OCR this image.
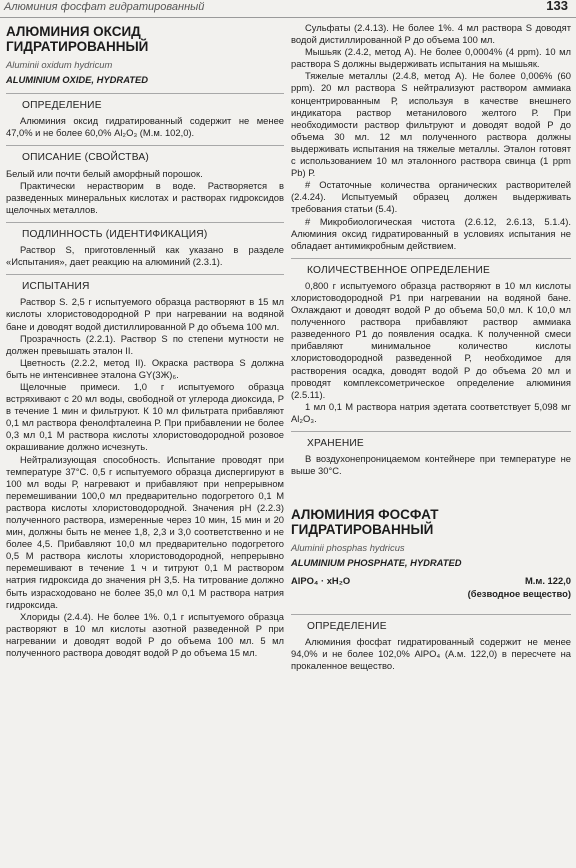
Алюминия фосфат гидратированный	133
АЛЮМИНИЯ ОКСИД
ГИДРАТИРОВАННЫЙ
Aluminii oxidum hydricum
ALUMINIUM OXIDE, HYDRATED
ОПРЕДЕЛЕНИЕ

Алюминия оксид гидратированный содержит не менее 47,0% и не более 60,0% Al₂O₃ (М.м. 102,0).

ОПИСАНИЕ (СВОЙСТВА)

Белый или почти белый аморфный порошок.

Практически нерастворим в воде. Растворяется в разведенных минеральных кислотах и растворах гидроксидов щелочных металлов.

ПОДЛИННОСТЬ (ИДЕНТИФИКАЦИЯ)

Раствор S, приготовленный как указано в разделе «Испытания», дает реакцию на алюминий (2.3.1).

ИСПЫТАНИЯ

Раствор S. 2,5 г испытуемого образца растворяют в 15 мл кислоты хлористоводородной Р при нагревании на водяной бане и доводят водой дистиллированной Р до объема 100 мл.

Прозрачность (2.2.1). Раствор S по степени мутности не должен превышать эталон II.

Цветность (2.2.2, метод II). Окраска раствора S должна быть не интенсивнее эталона GY(3Ж)₆.

Щелочные примеси. 1,0 г испытуемого образца встряхивают с 20 мл воды, свободной от углерода диоксида, Р в течение 1 мин и фильтруют. К 10 мл фильтрата прибавляют 0,1 мл раствора фенолфталеина Р. При прибавлении не более 0,3 мл 0,1 М раствора кислоты хлористоводородной розовое окрашивание должно исчезнуть.

Нейтрализующая способность. Испытание проводят при температуре 37°С. 0,5 г испытуемого образца диспергируют в 100 мл воды Р, нагревают и прибавляют при непрерывном перемешивании 100,0 мл предварительно подогретого 0,1 М раствора кислоты хлористоводородной. Значения pH (2.2.3) полученного раствора, измеренные через 10 мин, 15 мин и 20 мин, должны быть не менее 1,8, 2,3 и 3,0 соответственно и не более 4,5. Прибавляют 10,0 мл предварительно подогретого 0,5 М раствора кислоты хлористоводородной, непрерывно перемешивают в течение 1 ч и титруют 0,1 М раствором натрия гидроксида до значения pH 3,5. На титрование должно быть израсходовано не более 35,0 мл 0,1 М раствора натрия гидроксида.

Хлориды (2.4.4). Не более 1%. 0,1 г испытуемого образца растворяют в 10 мл кислоты азотной разведенной Р при нагревании и доводят водой Р до объема 100 мл. 5 мл полученного раствора доводят водой Р до объема 15 мл.

Сульфаты (2.4.13). Не более 1%. 4 мл раствора S доводят водой дистиллированной Р до объема 100 мл.

Мышьяк (2.4.2, метод А). Не более 0,0004% (4 ppm). 10 мл раствора S должны выдерживать испытания на мышьяк.

Тяжелые металлы (2.4.8, метод А). Не более 0,006% (60 ppm). 20 мл раствора S нейтрализуют раствором аммиака концентрированным Р, используя в качестве внешнего индикатора раствор метанилового желтого Р. При необходимости раствор фильтруют и доводят водой Р до объема 30 мл. 12 мл полученного раствора должны выдерживать испытания на тяжелые металлы. Эталон готовят с использованием 10 мл эталонного раствора свинца (1 ppm Pb) Р.

# Остаточные количества органических растворителей (2.4.24). Испытуемый образец должен выдерживать требования статьи (5.4).

# Микробиологическая чистота (2.6.12, 2.6.13, 5.1.4). Алюминия оксид гидратированный в условиях испытания не обладает антимикробным действием.

КОЛИЧЕСТВЕННОЕ ОПРЕДЕЛЕНИЕ

0,800 г испытуемого образца растворяют в 10 мл кислоты хлористоводородной Р1 при нагревании на водяной бане. Охлаждают и доводят водой Р до объема 50,0 мл. К 10,0 мл полученного раствора прибавляют раствор аммиака разведенного Р1 до появления осадка. К полученной смеси прибавляют минимальное количество кислоты хлористоводородной разведенной Р, необходимое для растворения осадка, доводят водой Р до объема 20 мл и проводят комплексометрическое определение алюминия (2.5.11).

1 мл 0,1 М раствора натрия эдетата соответствует 5,098 мг Al₂O₃.

ХРАНЕНИЕ

В воздухонепроницаемом контейнере при температуре не выше 30°С.

АЛЮМИНИЯ ФОСФАТ
ГИДРАТИРОВАННЫЙ
Aluminii phosphas hydricus
ALUMINIUM PHOSPHATE, HYDRATED
AlPO₄ · xH₂O	М.м. 122,0
(безводное вещество)
ОПРЕДЕЛЕНИЕ

Алюминия фосфат гидратированный содержит не менее 94,0% и не более 102,0% AlPO₄ (А.м. 122,0) в пересчете на прокаленное вещество.
